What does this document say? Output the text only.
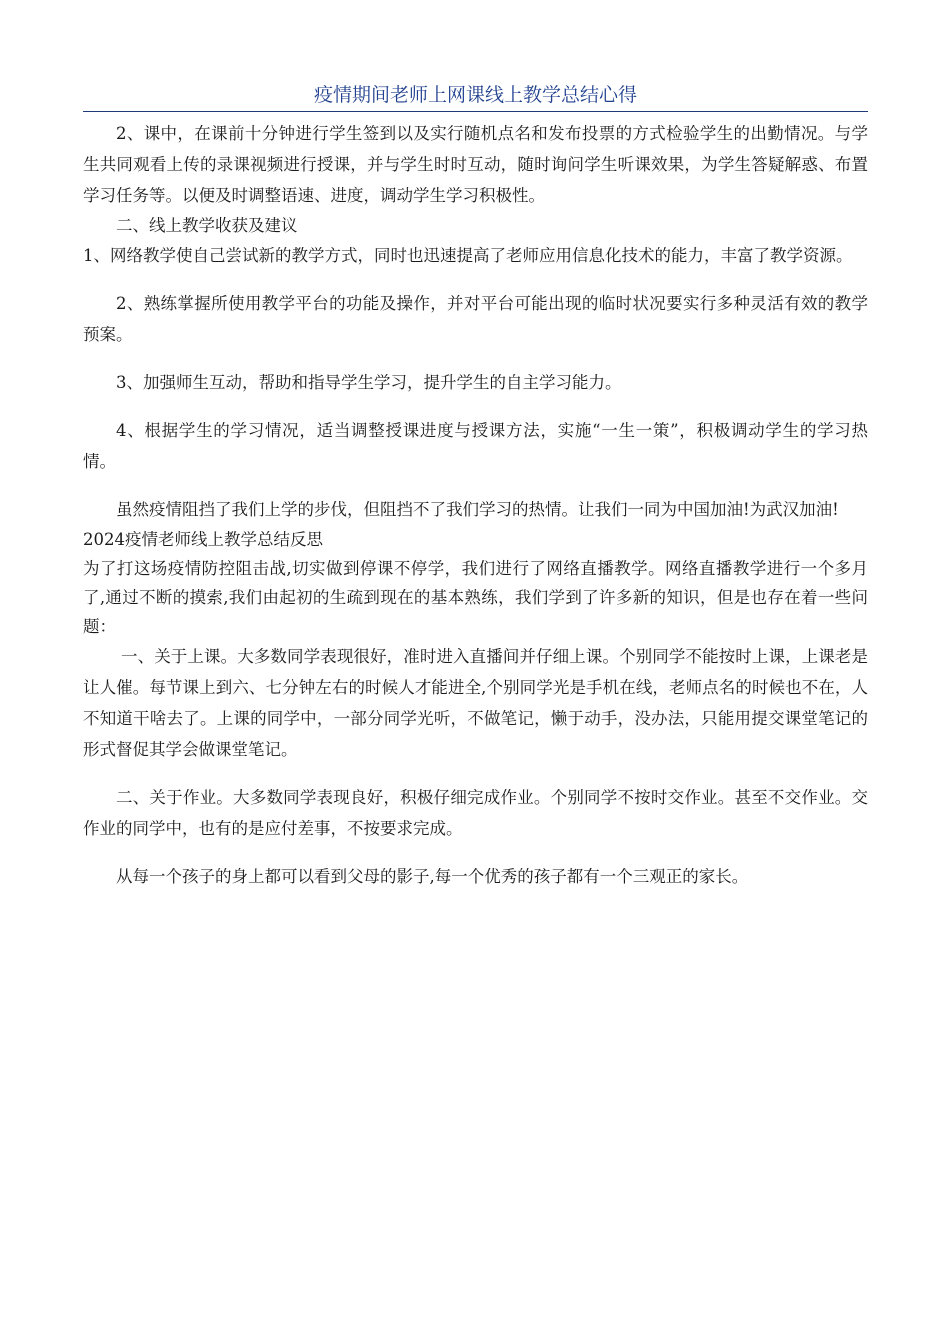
疫情期间老师上网课线上教学总结心得

2、课中，在课前十分钟进行学生签到以及实行随机点名和发布投票的方式检验学生的出勤情况。与学生共同观看上传的录课视频进行授课，并与学生时时互动，随时询问学生听课效果，为学生答疑解惑、布置学习任务等。以便及时调整语速、进度，调动学生学习积极性。

二、线上教学收获及建议

1、网络教学使自己尝试新的教学方式，同时也迅速提高了老师应用信息化技术的能力，丰富了教学资源。

2、熟练掌握所使用教学平台的功能及操作，并对平台可能出现的临时状况要实行多种灵活有效的教学预案。

3、加强师生互动，帮助和指导学生学习，提升学生的自主学习能力。

4、根据学生的学习情况，适当调整授课进度与授课方法，实施“一生一策”，积极调动学生的学习热情。

虽然疫情阻挡了我们上学的步伐，但阻挡不了我们学习的热情。让我们一同为中国加油!为武汉加油!

2024疫情老师线上教学总结反思

为了打这场疫情防控阻击战,切实做到停课不停学，我们进行了网络直播教学。网络直播教学进行一个多月了,通过不断的摸索,我们由起初的生疏到现在的基本熟练，我们学到了许多新的知识，但是也存在着一些问题：

一、关于上课。大多数同学表现很好，准时进入直播间并仔细上课。个别同学不能按时上课，上课老是让人催。每节课上到六、七分钟左右的时候人才能进全,个别同学光是手机在线，老师点名的时候也不在，人不知道干啥去了。上课的同学中，一部分同学光听，不做笔记，懒于动手，没办法，只能用提交课堂笔记的形式督促其学会做课堂笔记。

二、关于作业。大多数同学表现良好，积极仔细完成作业。个别同学不按时交作业。甚至不交作业。交作业的同学中，也有的是应付差事，不按要求完成。

从每一个孩子的身上都可以看到父母的影子,每一个优秀的孩子都有一个三观正的家长。
